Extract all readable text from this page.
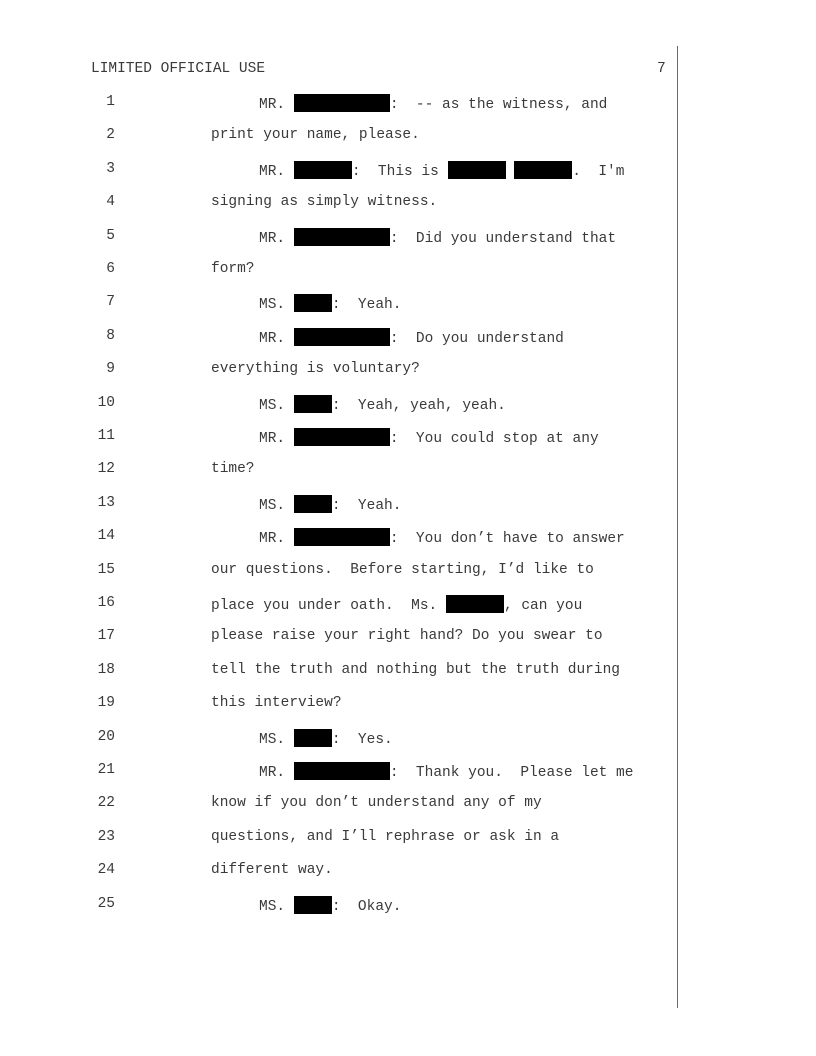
LIMITED OFFICIAL USE	7
1	MR.	:  -- as the witness, and
2	print your name, please.
3	MR.	:  This is	.  I'm
4	signing as simply witness.
5	MR.	:  Did you understand that
6	form?
7	MS.	:  Yeah.
8	MR.	:  Do you understand
9	everything is voluntary?
10	MS.	:  Yeah, yeah, yeah.
11	MR.	:  You could stop at any
12	time?
13	MS.	:  Yeah.
14	MR.	:  You don’t have to answer
15	our questions.  Before starting, I’d like to
16	place you under oath.  Ms.	, can you
17	please raise your right hand? Do you swear to
18	tell the truth and nothing but the truth during
19	this interview?
20	MS.	:  Yes.
21	MR.	:  Thank you.  Please let me
22	know if you don’t understand any of my
23	questions, and I’ll rephrase or ask in a
24	different way.
25	MS.	:  Okay.
